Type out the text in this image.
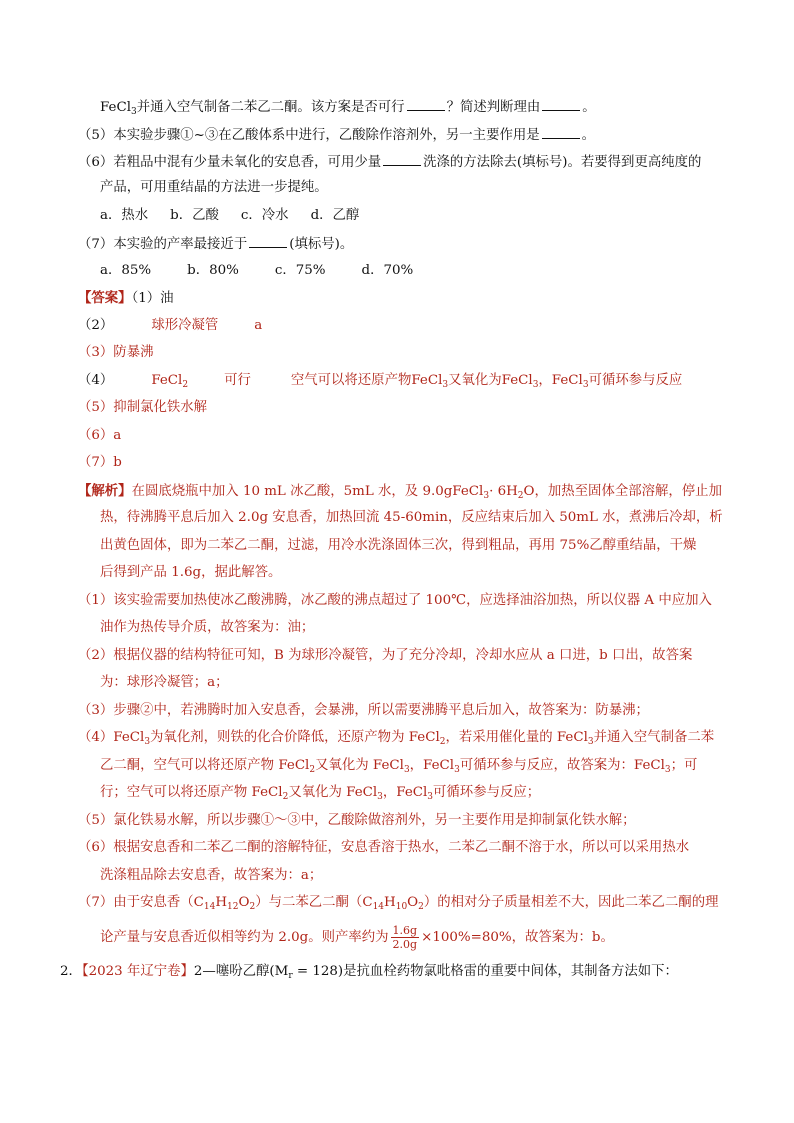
FeCl$_3$并通入空气制备二苯乙二酮。该方案是否可行	？简述判断理由	。
（5）本实验步骤①~③在乙酸体系中进行，乙酸除作溶剂外，另一主要作用是	。
（6）若粗品中混有少量未氧化的安息香，可用少量	洗涤的方法除去(填标号)。若要得到更高纯度的
产品，可用重结晶的方法进一步提纯。
a．热水 b．乙酸 c．冷水 d．乙醇
（7）本实验的产率最接近于	(填标号)。
a．85%	b．80%	c．75%	d．70%
【答案】（1）油
（2）	球形冷凝管	a
（3）防暴沸
（4）	FeCl$_2$	可行	空气可以将还原产物FeCl$_3$又氧化为FeCl$_3$，FeCl$_3$可循环参与反应
（5）抑制氯化铁水解
（6）a
（7）b
【解析】在圆底烧瓶中加入 10 mL 冰乙酸，5mL 水，及 9.0gFeCl$_3$· $6H_2O$，加热至固体全部溶解，停止加
热，待沸腾平息后加入 2.0g 安息香，加热回流 45-60min，反应结束后加入 50mL 水，煮沸后冷却，析
出黄色固体，即为二苯乙二酮，过滤，用冷水洗涤固体三次，得到粗品，再用 75%乙醇重结晶，干燥
后得到产品 1.6g，据此解答。
（1）该实验需要加热使冰乙酸沸腾，冰乙酸的沸点超过了 100℃，应选择油浴加热，所以仪器 A 中应加入
油作为热传导介质，故答案为：油；
（2）根据仪器的结构特征可知，B 为球形冷凝管，为了充分冷却，冷却水应从 a 口进，b 口出，故答案
为：球形冷凝管；a；
（3）步骤②中，若沸腾时加入安息香，会暴沸，所以需要沸腾平息后加入，故答案为：防暴沸；
（4）FeCl$_3$为氧化剂，则铁的化合价降低，还原产物为 FeCl$_2$，若采用催化量的 FeCl$_3$并通入空气制备二苯
乙二酮，空气可以将还原产物 FeCl$_2$又氧化为 FeCl$_3$，FeCl$_3$可循环参与反应，故答案为：FeCl$_3$；可
行；空气可以将还原产物 FeCl$_2$又氧化为 FeCl$_3$，FeCl$_3$可循环参与反应；
（5）氯化铁易水解，所以步骤①～③中，乙酸除做溶剂外，另一主要作用是抑制氯化铁水解；
（6）根据安息香和二苯乙二酮的溶解特征，安息香溶于热水，二苯乙二酮不溶于水，所以可以采用热水
洗涤粗品除去安息香，故答案为：a；
（7）由于安息香$(C_{14}H_{12}O_2)$与二苯乙二酮$(C_{14}H_{10}O_2)$的相对分子质量相差不大，因此二苯乙二酮的理
论产量与安息香近似相等约为 2.0g。则产率约为 $\frac{1.6g}{2.0g} \times 100\%=80\%$，故答案为：b。
2．【2023 年辽宁卷】2—噻吩乙醇$(M_r = 128)$是抗血栓药物氯吡格雷的重要中间体，其制备方法如下：
